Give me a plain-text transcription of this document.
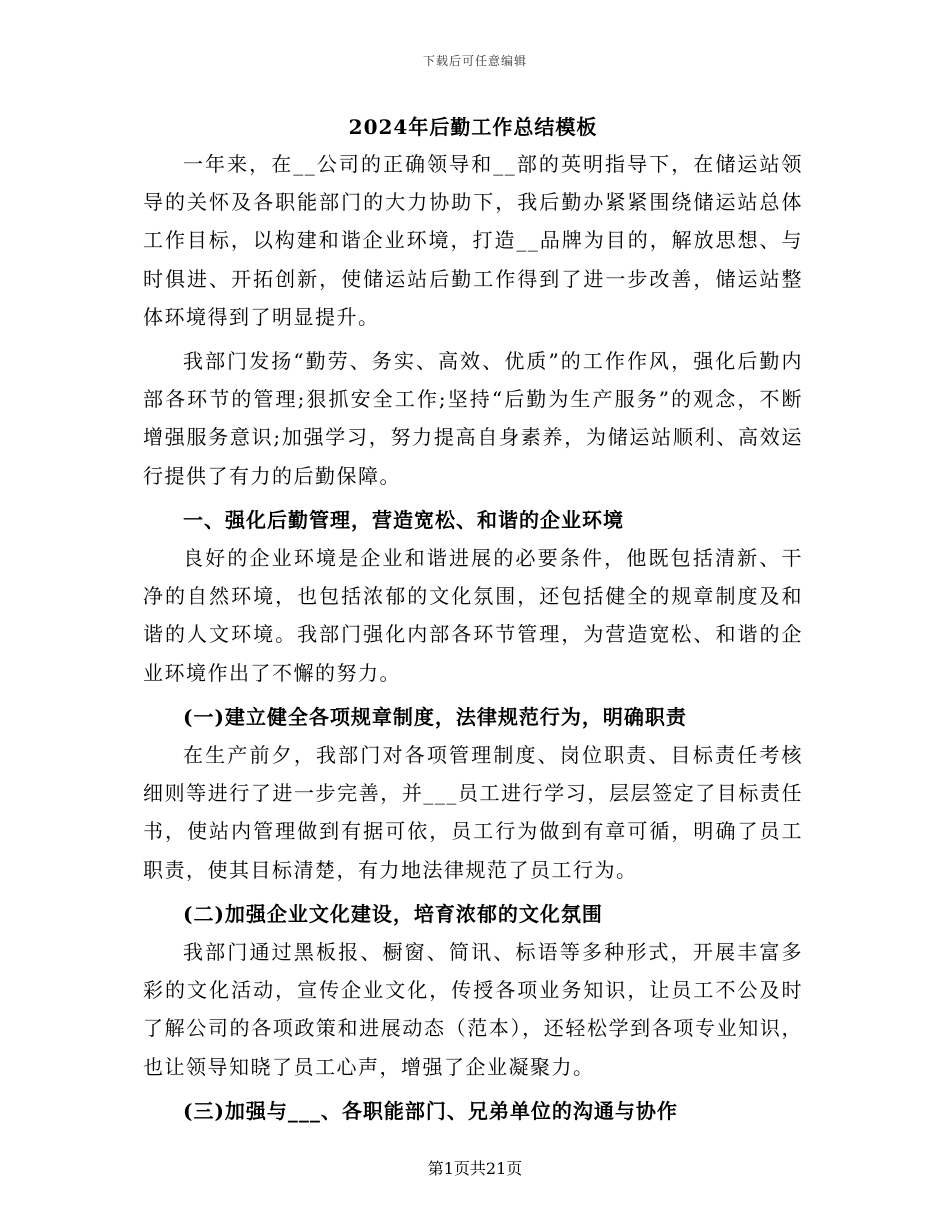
下载后可任意编辑

2024年后勤工作总结模板

一年来，在__公司的正确领导和__部的英明指导下，在储运站领导的关怀及各职能部门的大力协助下，我后勤办紧紧围绕储运站总体工作目标，以构建和谐企业环境，打造__品牌为目的，解放思想、与时俱进、开拓创新，使储运站后勤工作得到了进一步改善，储运站整体环境得到了明显提升。

我部门发扬“勤劳、务实、高效、优质”的工作作风，强化后勤内部各环节的管理;狠抓安全工作;坚持“后勤为生产服务”的观念，不断增强服务意识;加强学习，努力提高自身素养，为储运站顺利、高效运行提供了有力的后勤保障。

一、强化后勤管理，营造宽松、和谐的企业环境

良好的企业环境是企业和谐进展的必要条件，他既包括清新、干净的自然环境，也包括浓郁的文化氛围，还包括健全的规章制度及和谐的人文环境。我部门强化内部各环节管理，为营造宽松、和谐的企业环境作出了不懈的努力。

(一)建立健全各项规章制度，法律规范行为，明确职责

在生产前夕，我部门对各项管理制度、岗位职责、目标责任考核细则等进行了进一步完善，并___员工进行学习，层层签定了目标责任书，使站内管理做到有据可依，员工行为做到有章可循，明确了员工职责，使其目标清楚，有力地法律规范了员工行为。

(二)加强企业文化建设，培育浓郁的文化氛围

我部门通过黑板报、橱窗、简讯、标语等多种形式，开展丰富多彩的文化活动，宣传企业文化，传授各项业务知识，让员工不公及时了解公司的各项政策和进展动态（范本），还轻松学到各项专业知识，也让领导知晓了员工心声，增强了企业凝聚力。

(三)加强与___、各职能部门、兄弟单位的沟通与协作

第1页共21页
